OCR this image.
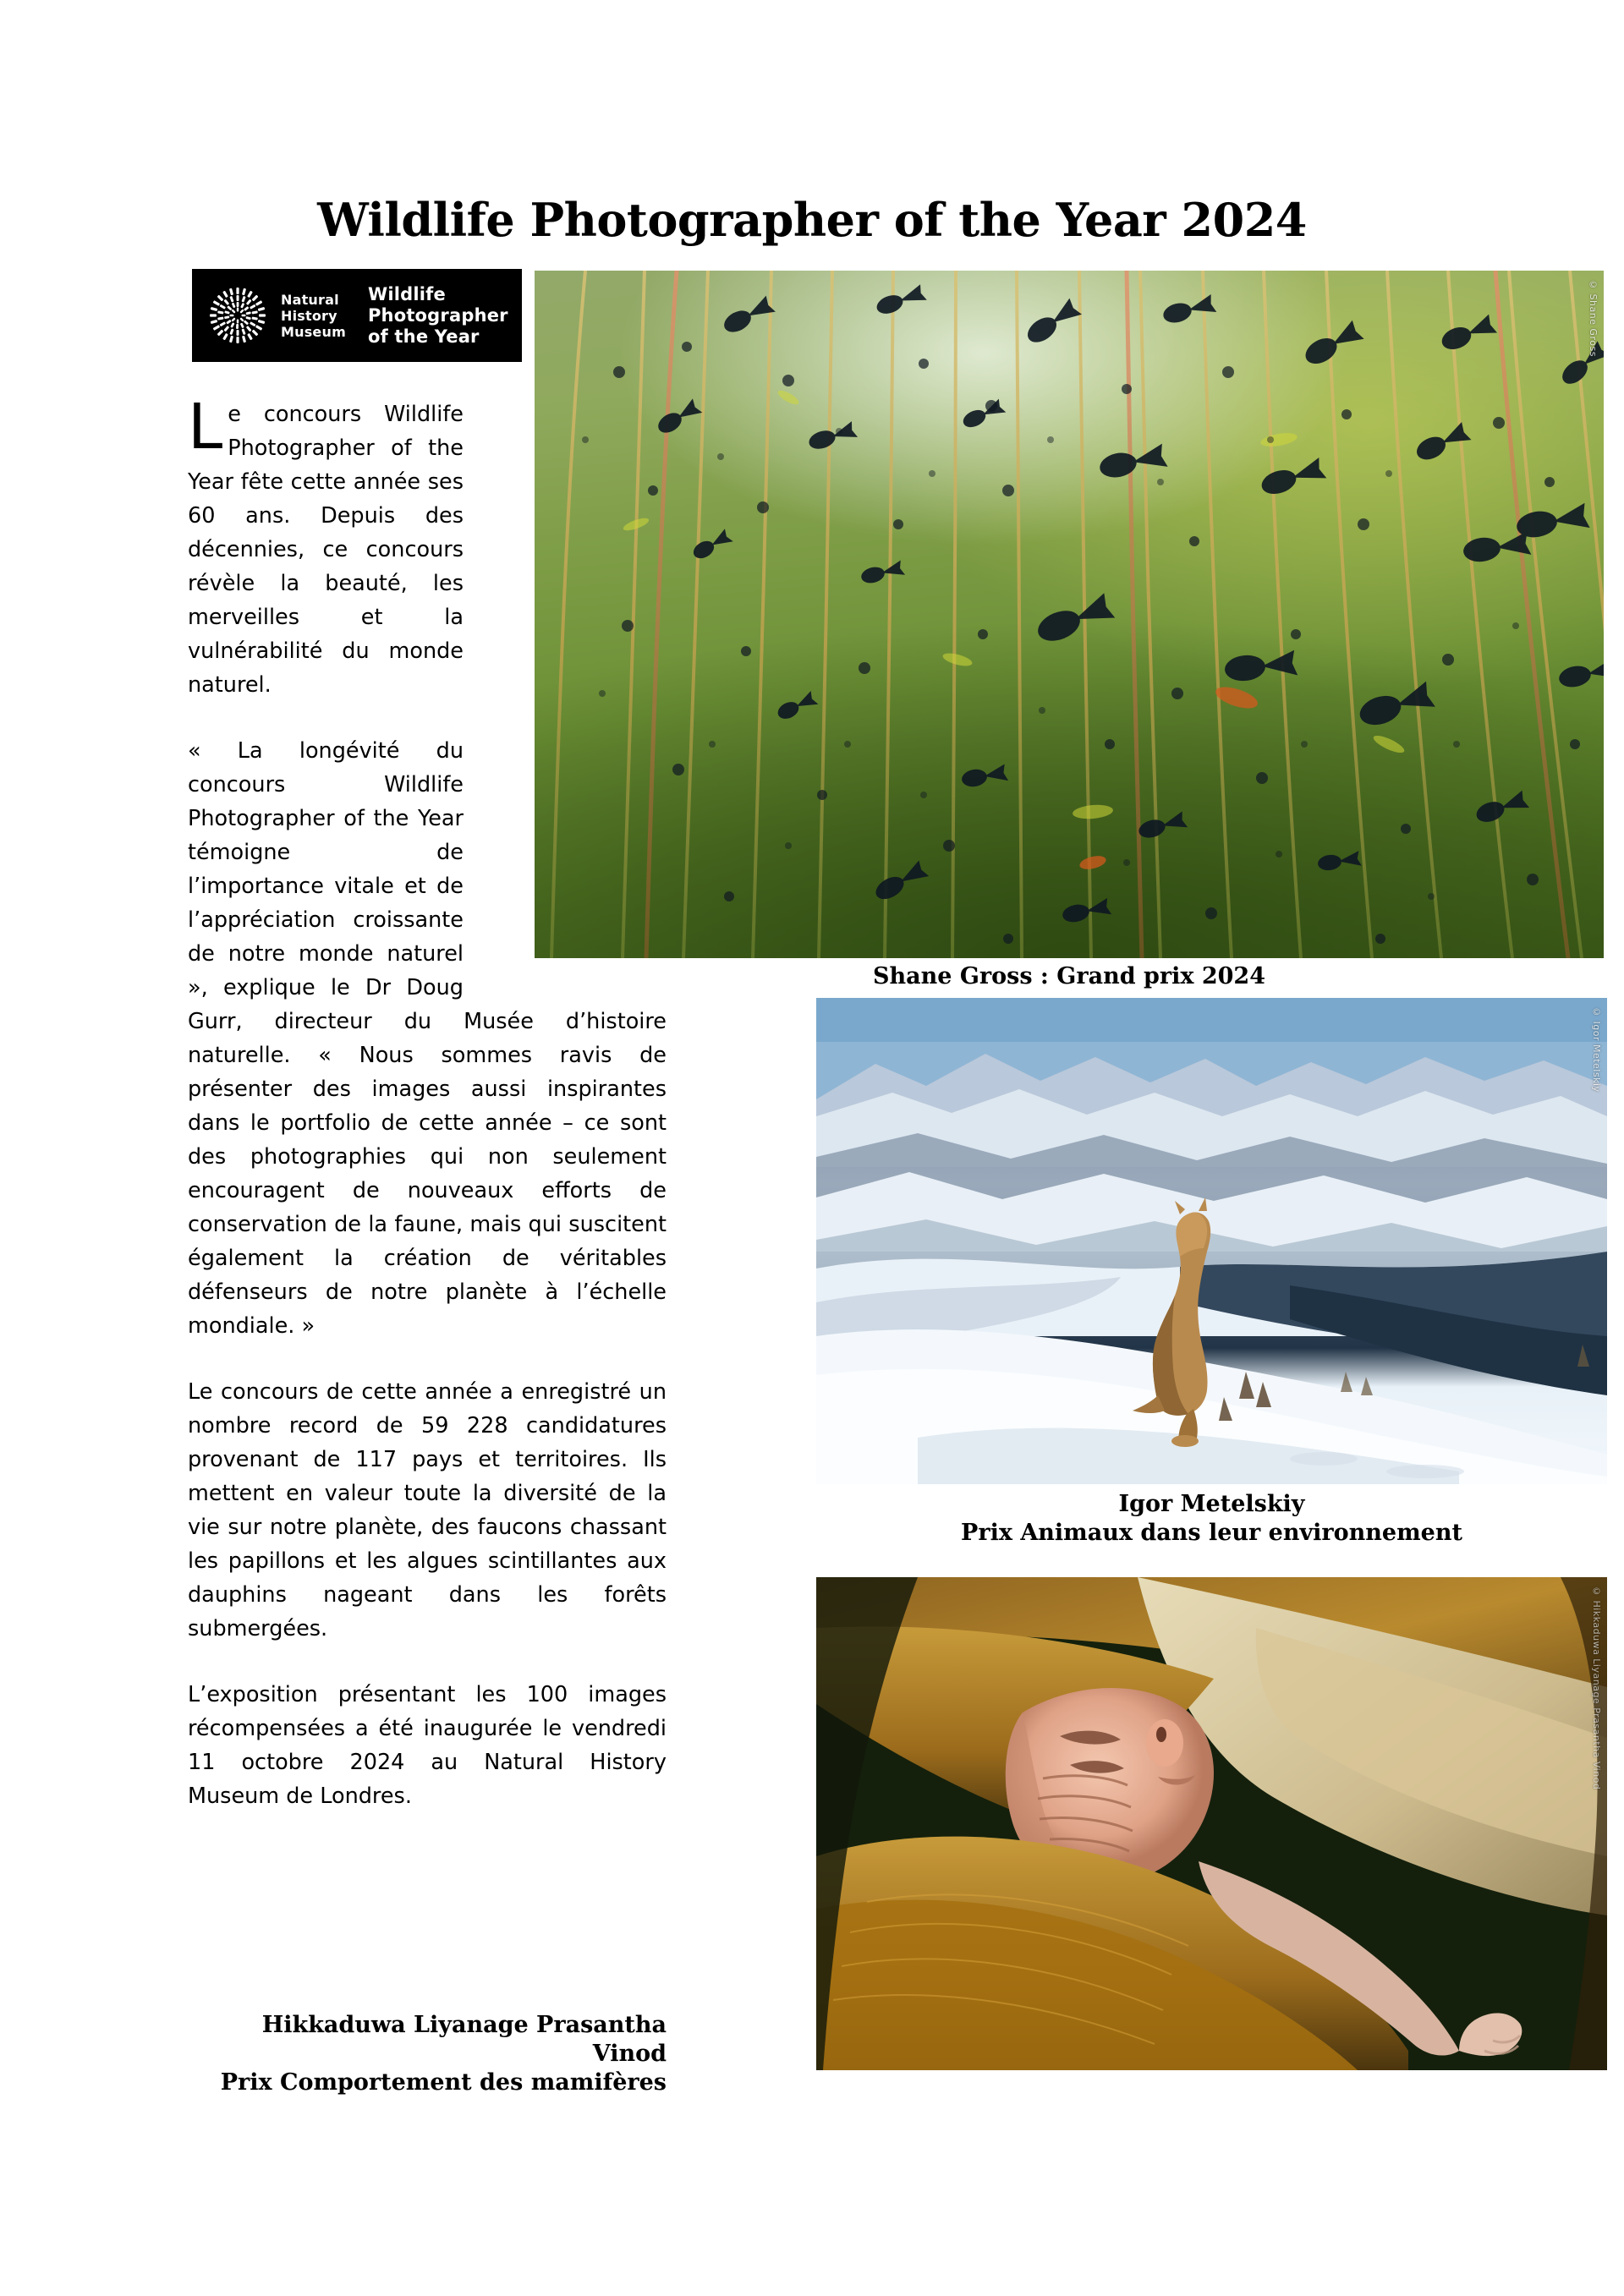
Wildlife Photographer of the Year 2024
Natural
History
Museum
Wildlife
Photographer
of the Year	© Shane Gross
Shane Gross : Grand prix 2024
© Igor Metelskiy
Igor Metelskiy
Prix Animaux dans leur environnement
© Hikkaduwa Liyanage Prasantha Vinod
Hikkaduwa Liyanage Prasantha Vinod
Prix Comportement des mamifères

Le concours Wildlife Photographer of the Year fête cette année ses 60 ans. Depuis des décennies, ce concours révèle la beauté, les merveilles et la vulnérabilité du monde naturel.

« La longévité du concours Wildlife Photographer of the Year témoigne de l’importance vitale et de l’appréciation croissante de notre monde naturel », explique le Dr Doug Gurr, directeur du Musée d’histoire naturelle. « Nous sommes ravis de présenter des images aussi inspirantes dans le portfolio de cette année – ce sont des photographies qui non seulement encouragent de nouveaux efforts de conservation de la faune, mais qui suscitent également la création de véritables défenseurs de notre planète à l’échelle mondiale. »

Le concours de cette année a enregistré un nombre record de 59 228 candidatures provenant de 117 pays et territoires. Ils mettent en valeur toute la diversité de la vie sur notre planète, des faucons chassant les papillons et les algues scintillantes aux dauphins nageant dans les forêts submergées.

L’exposition présentant les 100 images récompensées a été inaugurée le vendredi 11 octobre 2024 au Natural History Museum de Londres.
